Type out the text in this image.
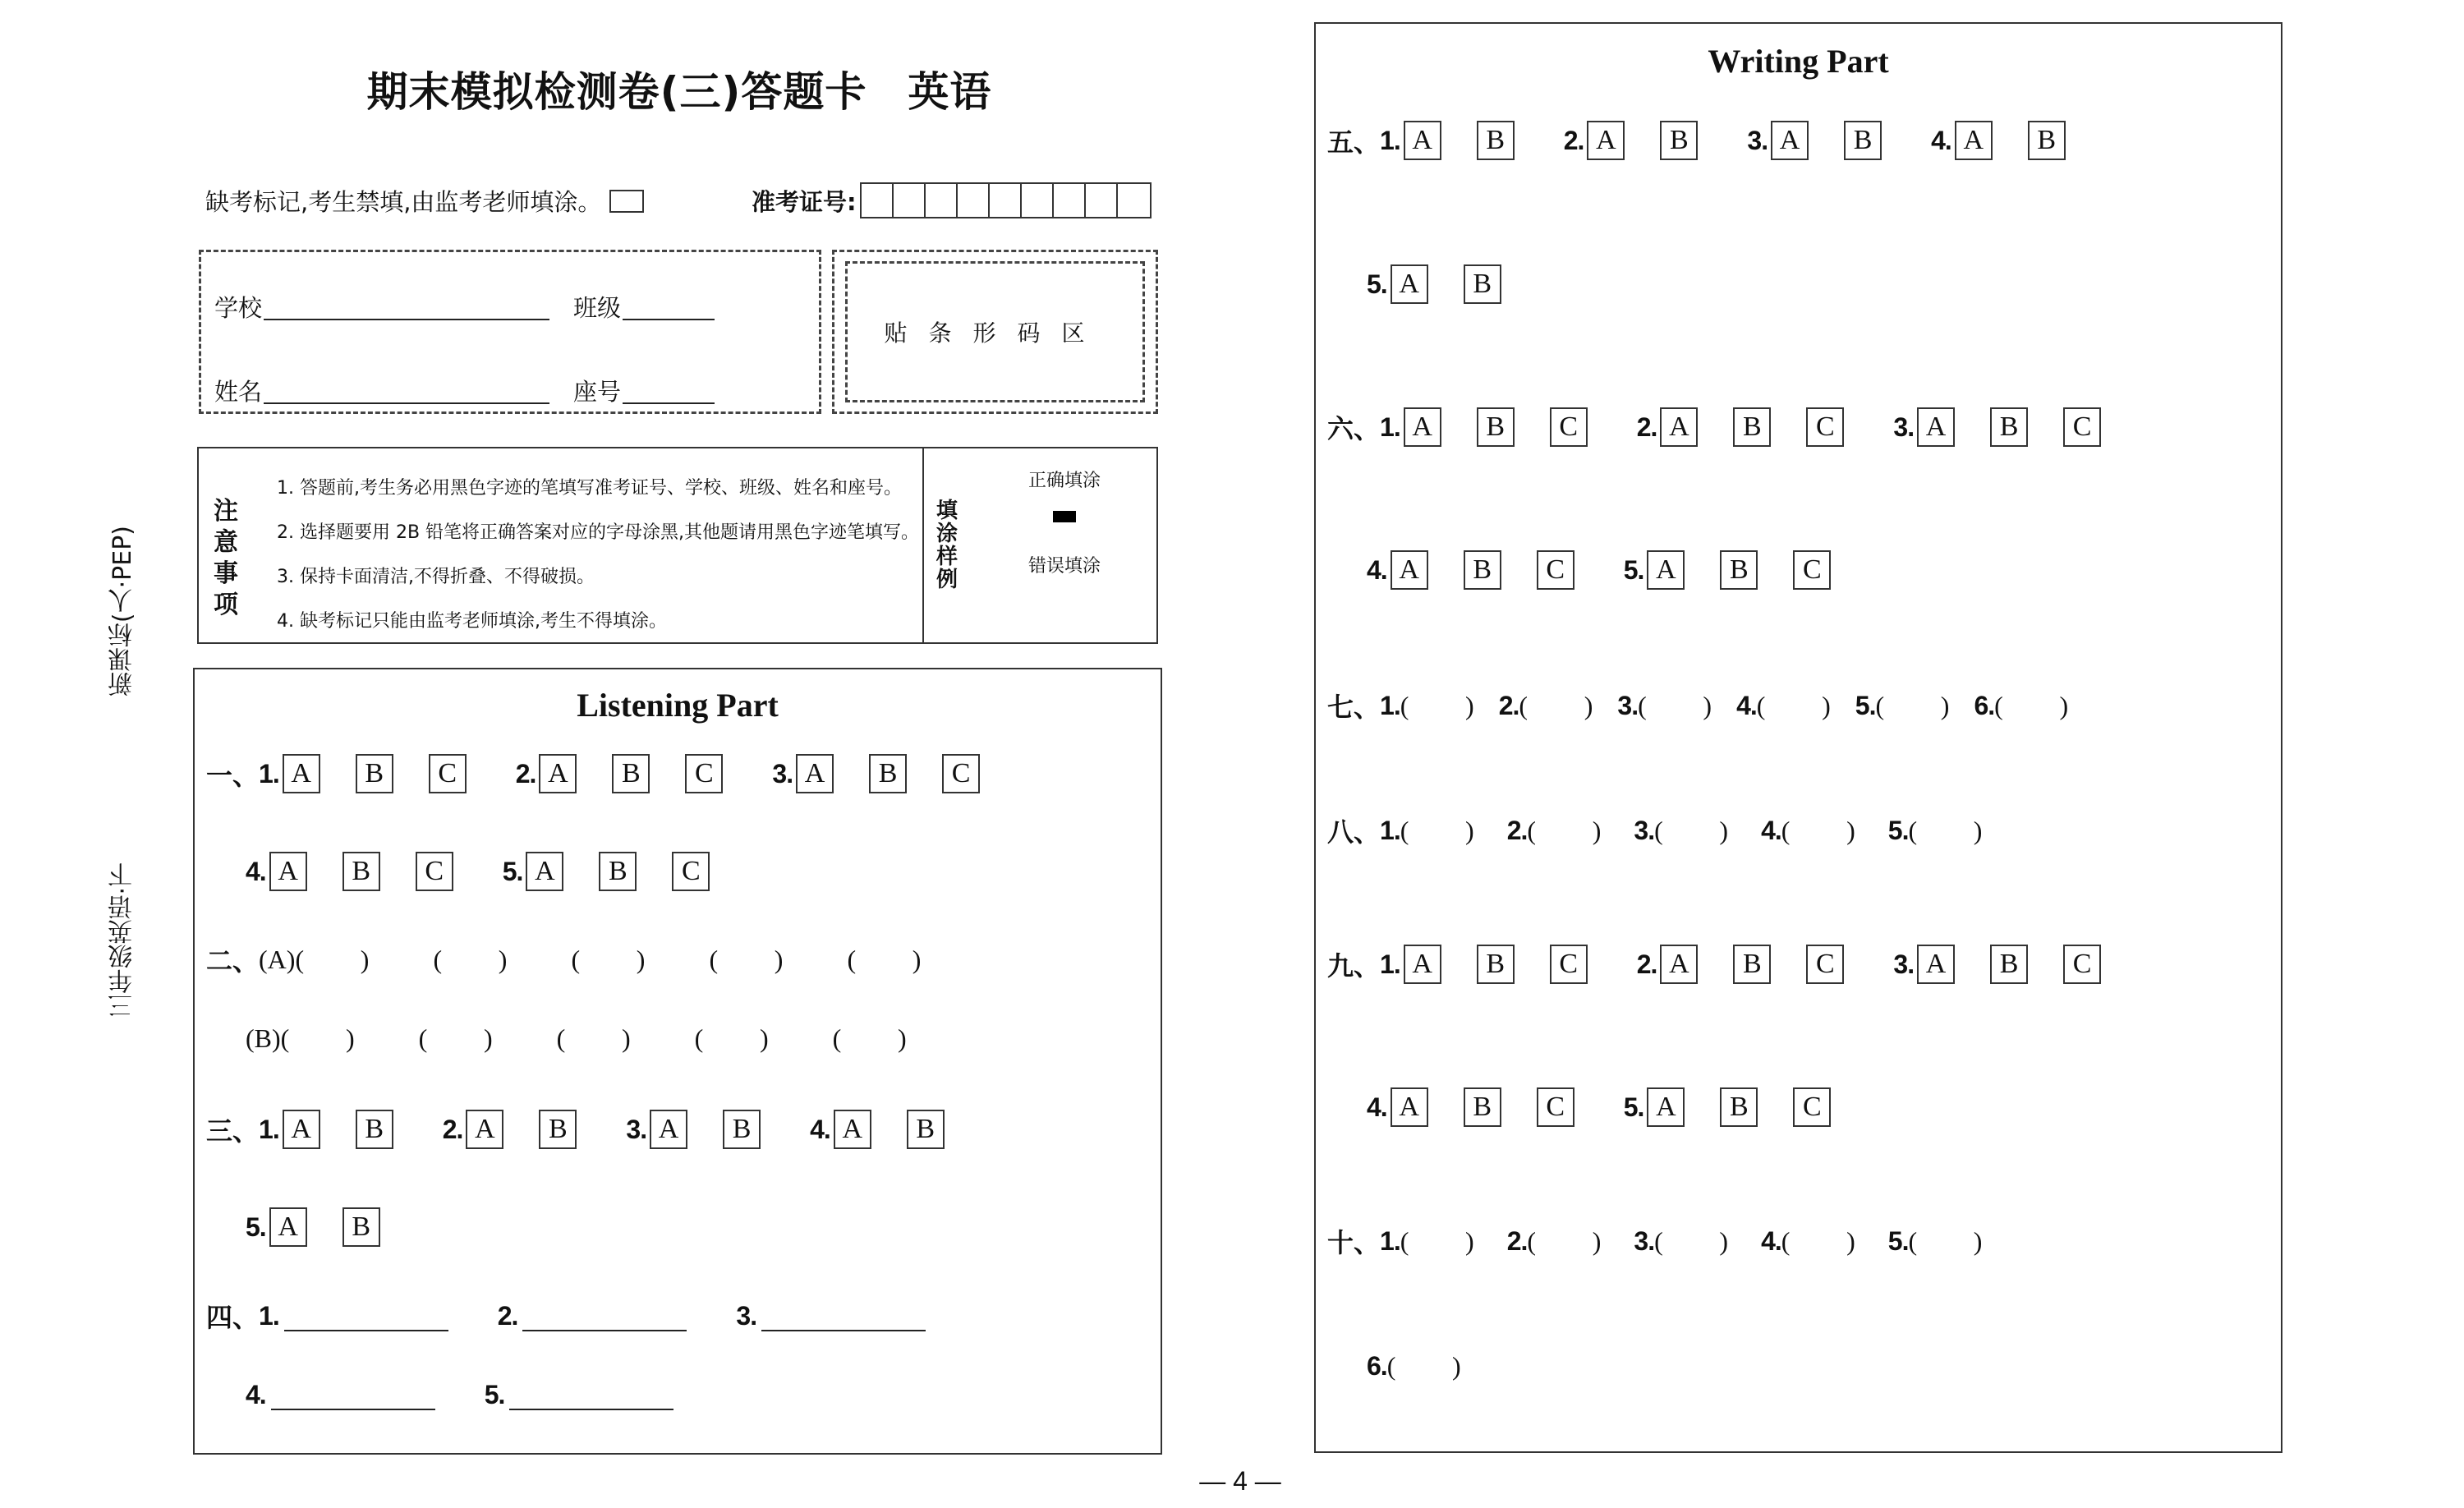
新课标(人·PEP)
三年级英语·下
期末模拟检测卷(三)答题卡 英语
缺考标记,考生禁填,由监考老师填涂。	准考证号:
学校	班级
姓名	座号
贴条形码区
注意事项
1. 答题前,考生务必用黑色字迹的笔填写准考证号、学校、班级、姓名和座号。
2. 选择题要用 2B 铅笔将正确答案对应的字母涂黑,其他题请用黑色字迹笔填写。
3. 保持卡面清洁,不得折叠、不得破损。
4. 缺考标记只能由监考老师填涂,考生不得填涂。
填涂样例
正确填涂
错误填涂
Listening Part
一、 1. A	B	C	2. A	B	C	3. A	B	C
4. A	B	C	5. A	B	C
二、 (A) ( ) ( ) ( ) ( ) ( )
(B) ( ) ( ) ( ) ( ) ( )
三、 1. A	B	2. A	B	3. A	B	4. A	B
5. A	B
四、 1.	2.	3.
4.	5.
Writing Part
五、 1. A	B	2. A	B	3. A	B	4. A	B
5. A	B
六、 1. A	B	C	2. A	B	C	3. A	B	C
4. A	B	C	5. A	B	C
七、 1. ( ) 2. ( ) 3. ( ) 4. ( ) 5. ( ) 6. ( )
八、 1. ( ) 2. ( ) 3. ( ) 4. ( ) 5. ( )
九、 1. A	B	C	2. A	B	C	3. A	B	C
4. A	B	C	5. A	B	C
十、 1. ( ) 2. ( ) 3. ( ) 4. ( ) 5. ( )
6. ( )
— 4 —
